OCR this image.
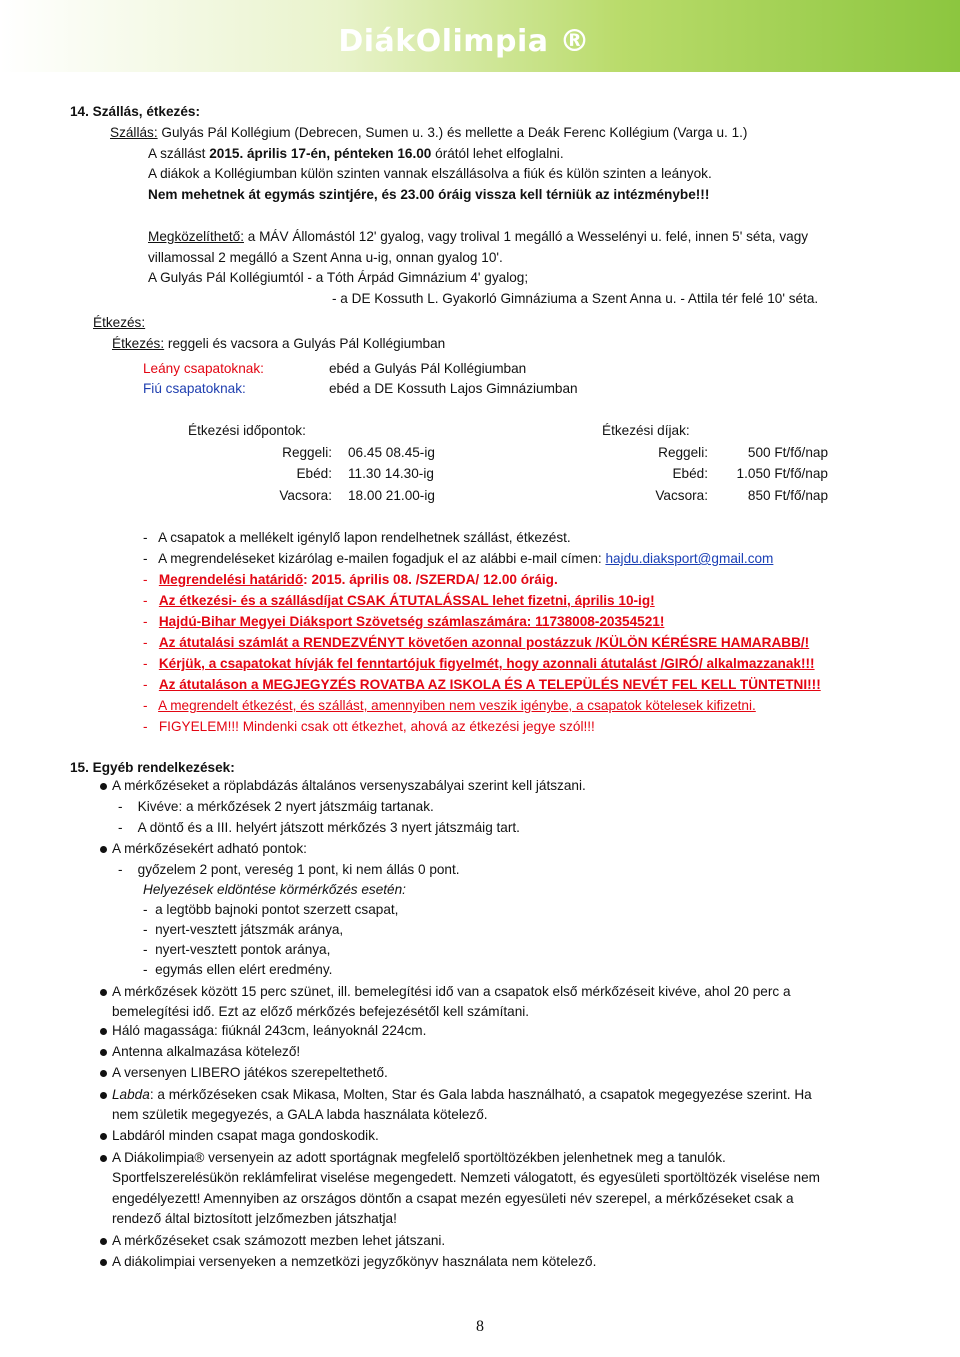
DiákOlimpia ®
14. Szállás, étkezés:
Szállás: Gulyás Pál Kollégium (Debrecen, Sumen u. 3.) és mellette a Deák Ferenc Kollégium (Varga u. 1.)
A szállást 2015. április 17-én, pénteken 16.00 órától lehet elfoglalni.
A diákok a Kollégiumban külön szinten vannak elszállásolva a fiúk és külön szinten a leányok.
Nem mehetnek át egymás szintjére, és 23.00 óráig vissza kell térniük az intézménybe!!!
Megközelíthető: a MÁV Állomástól 12' gyalog, vagy trolival 1 megálló a Wesselényi u. felé, innen 5' séta, vagy
villamossal 2 megálló a Szent Anna u-ig, onnan gyalog 10'.
A Gulyás Pál Kollégiumtól - a Tóth Árpád Gimnázium 4' gyalog;
- a DE Kossuth L. Gyakorló Gimnáziuma a Szent Anna u. - Attila tér felé 10' séta.
Étkezés:
Étkezés: reggeli és vacsora a Gulyás Pál Kollégiumban
Leány csapatoknak:	ebéd a Gulyás Pál Kollégiumban
Fiú csapatoknak:	ebéd a DE Kossuth Lajos Gimnáziumban
Étkezési időpontok:	Étkezési díjak:
Reggeli: 06.45 08.45-ig	Reggeli:	500 Ft/fő/nap
Ebéd: 11.30 14.30-ig	Ebéd:	1.050 Ft/fő/nap
Vacsora: 18.00 21.00-ig	Vacsora:	850 Ft/fő/nap
-   A csapatok a mellékelt igénylő lapon rendelhetnek szállást, étkezést.
-   A megrendeléseket kizárólag e-mailen fogadjuk el az alábbi e-mail címen: hajdu.diaksport@gmail.com
-   Megrendelési határidő: 2015. április 08. /SZERDA/ 12.00 óráig.
-   Az étkezési- és a szállásdíjat CSAK ÁTUTALÁSSAL lehet fizetni, április 10-ig!
-   Hajdú-Bihar Megyei Diáksport Szövetség számlaszámára: 11738008-20354521!
-   Az átutalási számlát a RENDEZVÉNYT követően azonnal postázzuk /KÜLÖN KÉRÉSRE HAMARABB/!
-   Kérjük, a csapatokat hívják fel fenntartójuk figyelmét, hogy azonnali átutalást /GIRÓ/ alkalmazzanak!!!
-   Az átutaláson a MEGJEGYZÉS ROVATBA AZ ISKOLA ÉS A TELEPÜLÉS NEVÉT FEL KELL TÜNTETNI!!!
-   A megrendelt étkezést, és szállást, amennyiben nem veszik igénybe, a csapatok kötelesek kifizetni.
-   FIGYELEM!!! Mindenki csak ott étkezhet, ahová az étkezési jegye szól!!!
15. Egyéb rendelkezések:
A mérkőzéseket a röplabdázás általános versenyszabályai szerint kell játszani.
-    Kivéve: a mérkőzések 2 nyert játszmáig tartanak.
-    A döntő és a III. helyért játszott mérkőzés 3 nyert játszmáig tart.
A mérkőzésekért adható pontok:
-    győzelem 2 pont, vereség 1 pont, ki nem állás 0 pont.
Helyezések eldöntése körmérkőzés esetén:
-  a legtöbb bajnoki pontot szerzett csapat,
-  nyert-vesztett játszmák aránya,
-  nyert-vesztett pontok aránya,
-  egymás ellen elért eredmény.
A mérkőzések között 15 perc szünet, ill. bemelegítési idő van a csapatok első mérkőzéseit kivéve, ahol 20 perc a
bemelegítési idő. Ezt az előző mérkőzés befejezésétől kell számítani.
Háló magassága: fiúknál 243cm, leányoknál 224cm.
Antenna alkalmazása kötelező!
A versenyen LIBERO játékos szerepeltethető.
Labda: a mérkőzéseken csak Mikasa, Molten, Star és Gala labda használható, a csapatok megegyezése szerint. Ha
nem születik megegyezés, a GALA labda használata kötelező.
Labdáról minden csapat maga gondoskodik.
A Diákolimpia® versenyein az adott sportágnak megfelelő sportöltözékben jelenhetnek meg a tanulók.
Sportfelszerelésükön reklámfelirat viselése megengedett. Nemzeti válogatott, és egyesületi sportöltözék viselése nem
engedélyezett! Amennyiben az országos döntőn a csapat mezén egyesületi név szerepel, a mérkőzéseket csak a
rendező által biztosított jelzőmezben játszhatja!
A mérkőzéseket csak számozott mezben lehet játszani.
A diákolimpiai versenyeken a nemzetközi jegyzőkönyv használata nem kötelező.
8
